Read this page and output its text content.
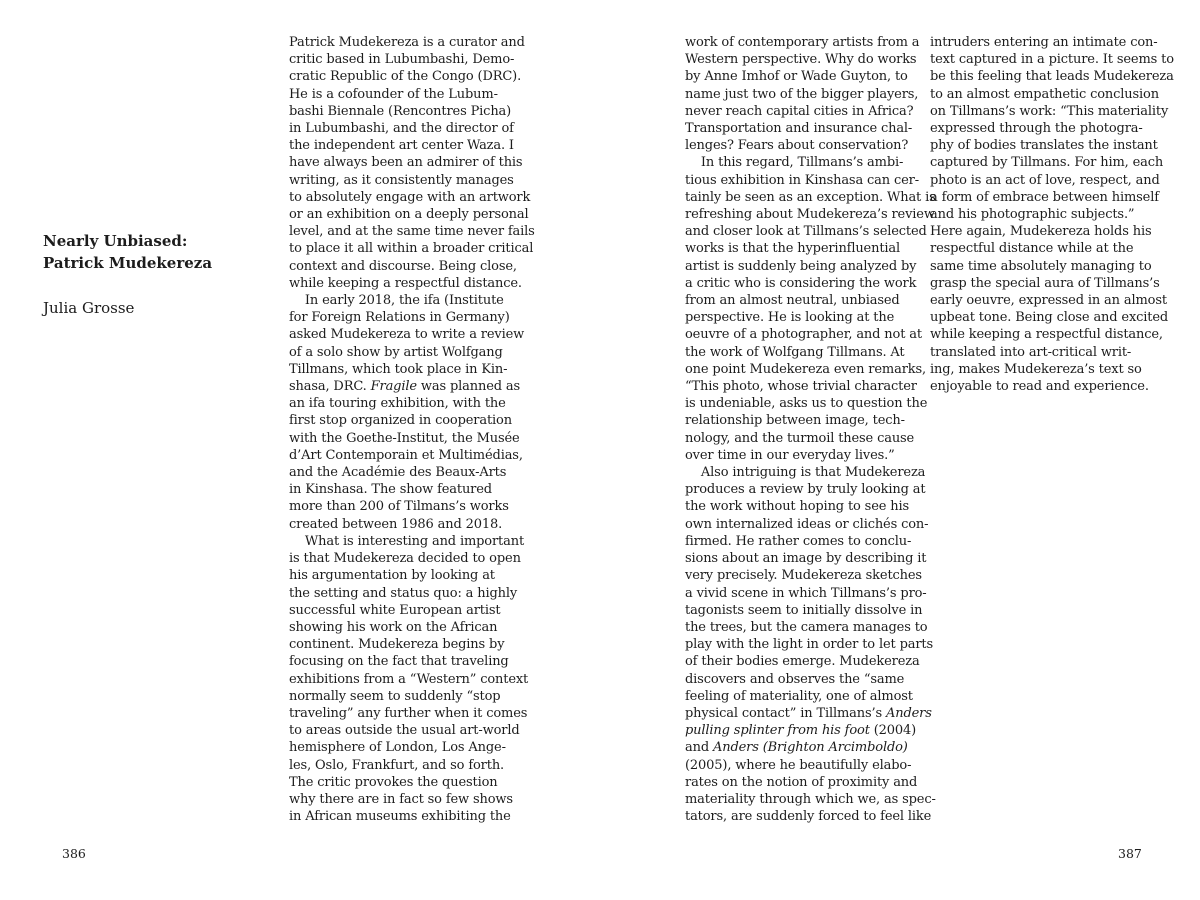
Nearly Unbiased:
Patrick Mudekereza
Julia Grosse

Patrick Mudekereza is a curator and
critic based in Lubumbashi, Demo-
cratic Republic of the Congo (DRC).
He is a cofounder of the Lubum-
bashi Biennale (Rencontres Picha)
in Lubumbashi, and the director of
the independent art center Waza. I
have always been an admirer of this
writing, as it consistently manages
to absolutely engage with an artwork
or an exhibition on a deeply personal
level, and at the same time never fails
to place it all within a broader critical
context and discourse. Being close,
while keeping a respectful distance.

In early 2018, the ifa (Institute
for Foreign Relations in Germany)
asked Mudekereza to write a review
of a solo show by artist Wolfgang
Tillmans, which took place in Kin-
shasa, DRC. Fragile was planned as
an ifa touring exhibition, with the
first stop organized in cooperation
with the Goethe-Institut, the Musée
d’Art Contemporain et Multimédias,
and the Académie des Beaux-Arts
in Kinshasa. The show featured
more than 200 of Tilmans’s works
created between 1986 and 2018.

What is interesting and important
is that Mudekereza decided to open
his argumentation by looking at
the setting and status quo: a highly
successful white European artist
showing his work on the African
continent. Mudekereza begins by
focusing on the fact that traveling
exhibitions from a “Western” context
normally seem to suddenly “stop
traveling” any further when it comes
to areas outside the usual art-world
hemisphere of London, Los Ange-
les, Oslo, Frankfurt, and so forth.
The critic provokes the question
why there are in fact so few shows
in African museums exhibiting the

work of contemporary artists from a
Western perspective. Why do works
by Anne Imhof or Wade Guyton, to
name just two of the bigger players,
never reach capital cities in Africa?
Transportation and insurance chal-
lenges? Fears about conservation?

In this regard, Tillmans’s ambi-
tious exhibition in Kinshasa can cer-
tainly be seen as an exception. What is
refreshing about Mudekereza’s review
and closer look at Tillmans’s selected
works is that the hyperinfluential
artist is suddenly being analyzed by
a critic who is considering the work
from an almost neutral, unbiased
perspective. He is looking at the
oeuvre of a photographer, and not at
the work of Wolfgang Tillmans. At
one point Mudekereza even remarks,
“This photo, whose trivial character
is undeniable, asks us to question the
relationship between image, tech-
nology, and the turmoil these cause
over time in our everyday lives.”

Also intriguing is that Mudekereza
produces a review by truly looking at
the work without hoping to see his
own internalized ideas or clichés con-
firmed. He rather comes to conclu-
sions about an image by describing it
very precisely. Mudekereza sketches
a vivid scene in which Tillmans’s pro-
tagonists seem to initially dissolve in
the trees, but the camera manages to
play with the light in order to let parts
of their bodies emerge. Mudekereza
discovers and observes the “same
feeling of materiality, one of almost
physical contact” in Tillmans’s Anders
pulling splinter from his foot (2004)
and Anders (Brighton Arcimboldo)
(2005), where he beautifully elabo-
rates on the notion of proximity and
materiality through which we, as spec-
tators, are suddenly forced to feel like

intruders entering an intimate con-
text captured in a picture. It seems to
be this feeling that leads Mudekereza
to an almost empathetic conclusion
on Tillmans’s work: “This materiality
expressed through the photogra-
phy of bodies translates the instant
captured by Tillmans. For him, each
photo is an act of love, respect, and
a form of embrace between himself
and his photographic subjects.”
Here again, Mudekereza holds his
respectful distance while at the
same time absolutely managing to
grasp the special aura of Tillmans’s
early oeuvre, expressed in an almost
upbeat tone. Being close and excited
while keeping a respectful distance,
translated into art-critical writ-
ing, makes Mudekereza’s text so
enjoyable to read and experience.

386	387
